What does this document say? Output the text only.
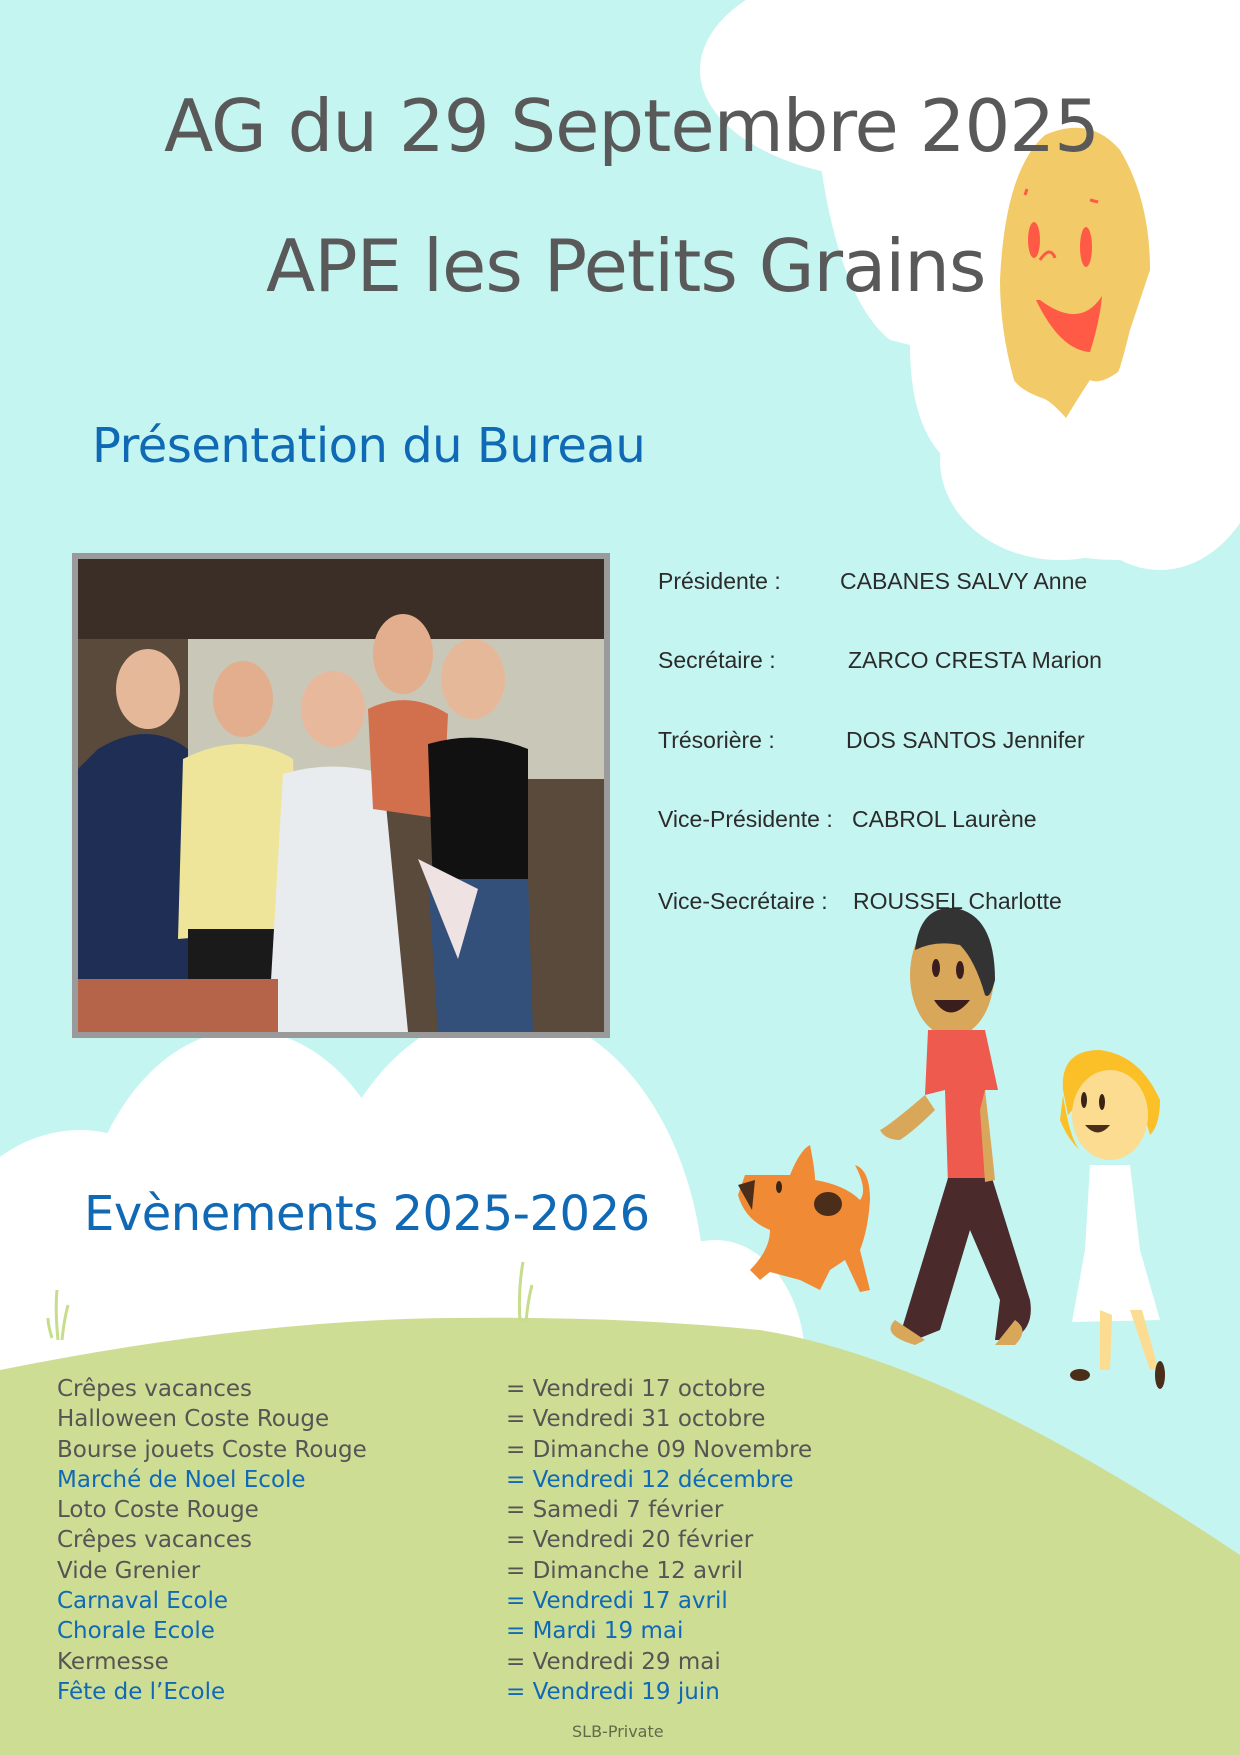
AG du 29 Septembre 2025
APE les Petits Grains
Présentation du Bureau
Présidente :	CABANES SALVY Anne
Secrétaire :	ZARCO CRESTA Marion
Trésorière :	DOS SANTOS Jennifer
Vice-Présidente : CABROL Laurène
Vice-Secrétaire : ROUSSEL Charlotte
Evènements 2025-2026
Crêpes vacances	= Vendredi 17 octobre
Halloween Coste Rouge	= Vendredi 31 octobre
Bourse jouets Coste Rouge	= Dimanche 09 Novembre
Marché de Noel Ecole	= Vendredi 12 décembre
Loto Coste Rouge	= Samedi 7 février
Crêpes vacances	= Vendredi 20 février
Vide Grenier	= Dimanche 12 avril
Carnaval Ecole	= Vendredi 17 avril
Chorale Ecole	= Mardi 19 mai
Kermesse	= Vendredi 29 mai
Fête de l’Ecole	= Vendredi 19 juin
SLB-Private
